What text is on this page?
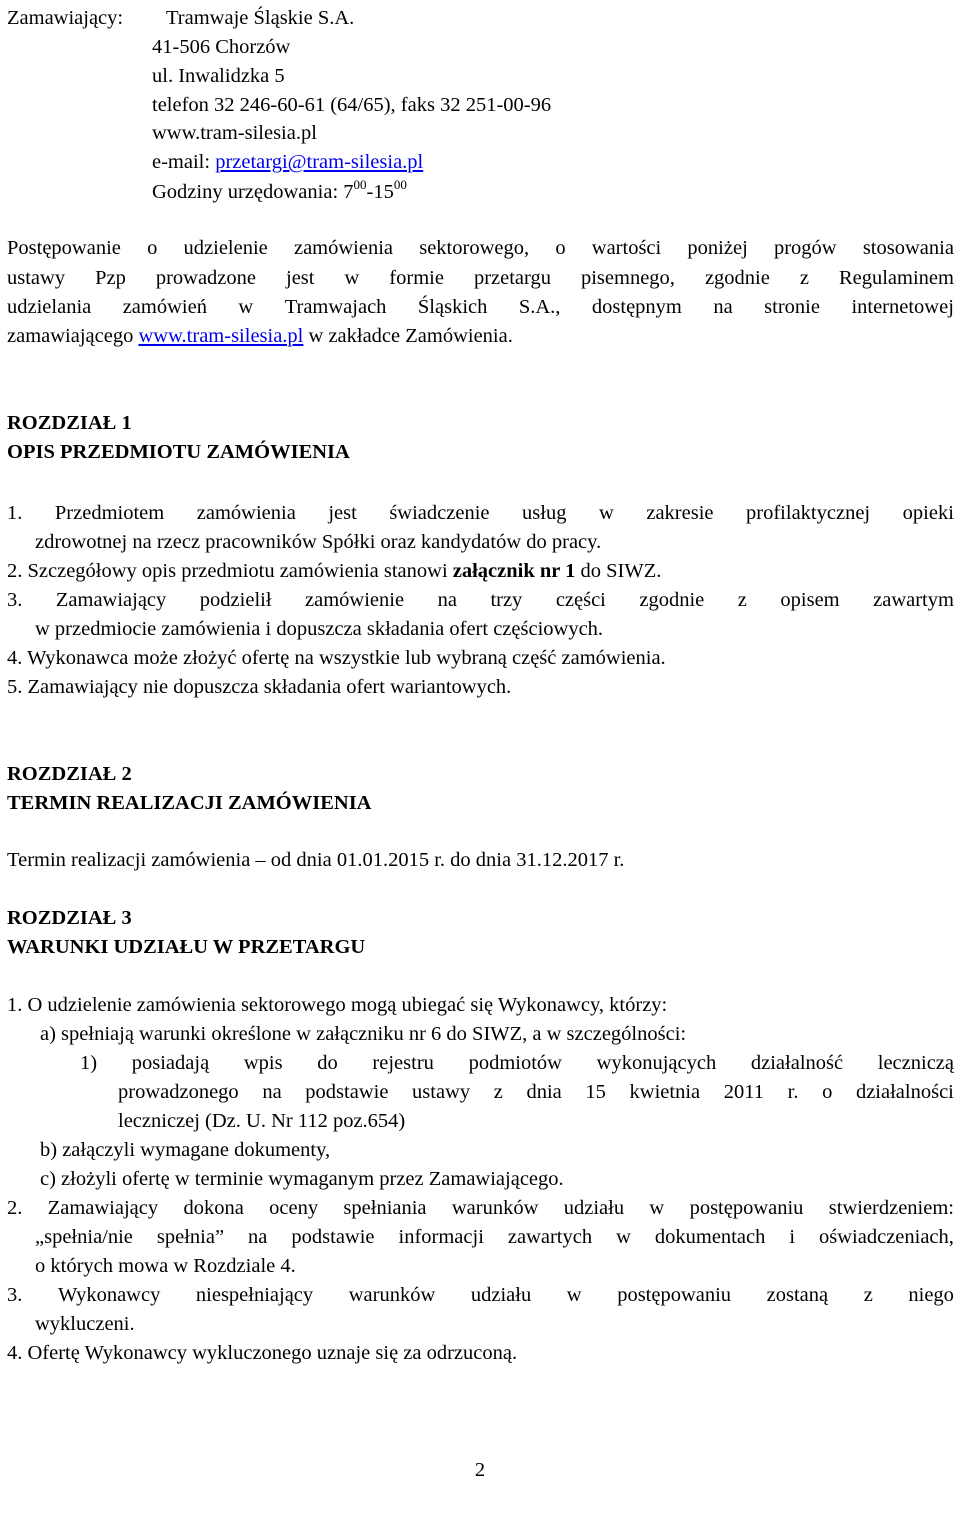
Zamawiający: Tramwaje Śląskie S.A.
41-506 Chorzów
ul. Inwalidzka 5
telefon 32 246-60-61 (64/65), faks 32 251-00-96
www.tram-silesia.pl
e-mail: przetargi@tram-silesia.pl
Godziny urzędowania: $7^{00}-15^{00}$
Postępowanie o udzielenie zamówienia sektorowego, o wartości poniżej progów stosowania
ustawy Pzp prowadzone jest w formie przetargu pisemnego, zgodnie z Regulaminem
udzielania zamówień w Tramwajach Śląskich S.A., dostępnym na stronie internetowej
zamawiającego www.tram-silesia.pl w zakładce Zamówienia.
ROZDZIAŁ 1
OPIS PRZEDMIOTU ZAMÓWIENIA
1. Przedmiotem zamówienia jest świadczenie usług w zakresie profilaktycznej opieki
zdrowotnej na rzecz pracowników Spółki oraz kandydatów do pracy.
2. Szczegółowy opis przedmiotu zamówienia stanowi załącznik nr 1 do SIWZ.
3. Zamawiający podzielił zamówienie na trzy części zgodnie z opisem zawartym
w przedmiocie zamówienia i dopuszcza składania ofert częściowych.
4. Wykonawca może złożyć ofertę na wszystkie lub wybraną część zamówienia.
5. Zamawiający nie dopuszcza składania ofert wariantowych.
ROZDZIAŁ 2
TERMIN REALIZACJI ZAMÓWIENIA
Termin realizacji zamówienia – od dnia 01.01.2015 r. do dnia 31.12.2017 r.
ROZDZIAŁ 3
WARUNKI UDZIAŁU W PRZETARGU
1. O udzielenie zamówienia sektorowego mogą ubiegać się Wykonawcy, którzy:
a) spełniają warunki określone w załączniku nr 6 do SIWZ, a w szczególności:
1) posiadają wpis do rejestru podmiotów wykonujących działalność leczniczą
prowadzonego na podstawie ustawy z dnia 15 kwietnia 2011 r. o działalności
leczniczej (Dz. U. Nr 112 poz.654)
b) załączyli wymagane dokumenty,
c) złożyli ofertę w terminie wymaganym przez Zamawiającego.
2. Zamawiający dokona oceny spełniania warunków udziału w postępowaniu stwierdzeniem:
„spełnia/nie spełnia” na podstawie informacji zawartych w dokumentach i oświadczeniach,
o których mowa w Rozdziale 4.
3. Wykonawcy niespełniający warunków udziału w postępowaniu zostaną z niego
wykluczeni.
4. Ofertę Wykonawcy wykluczonego uznaje się za odrzuconą.
2
